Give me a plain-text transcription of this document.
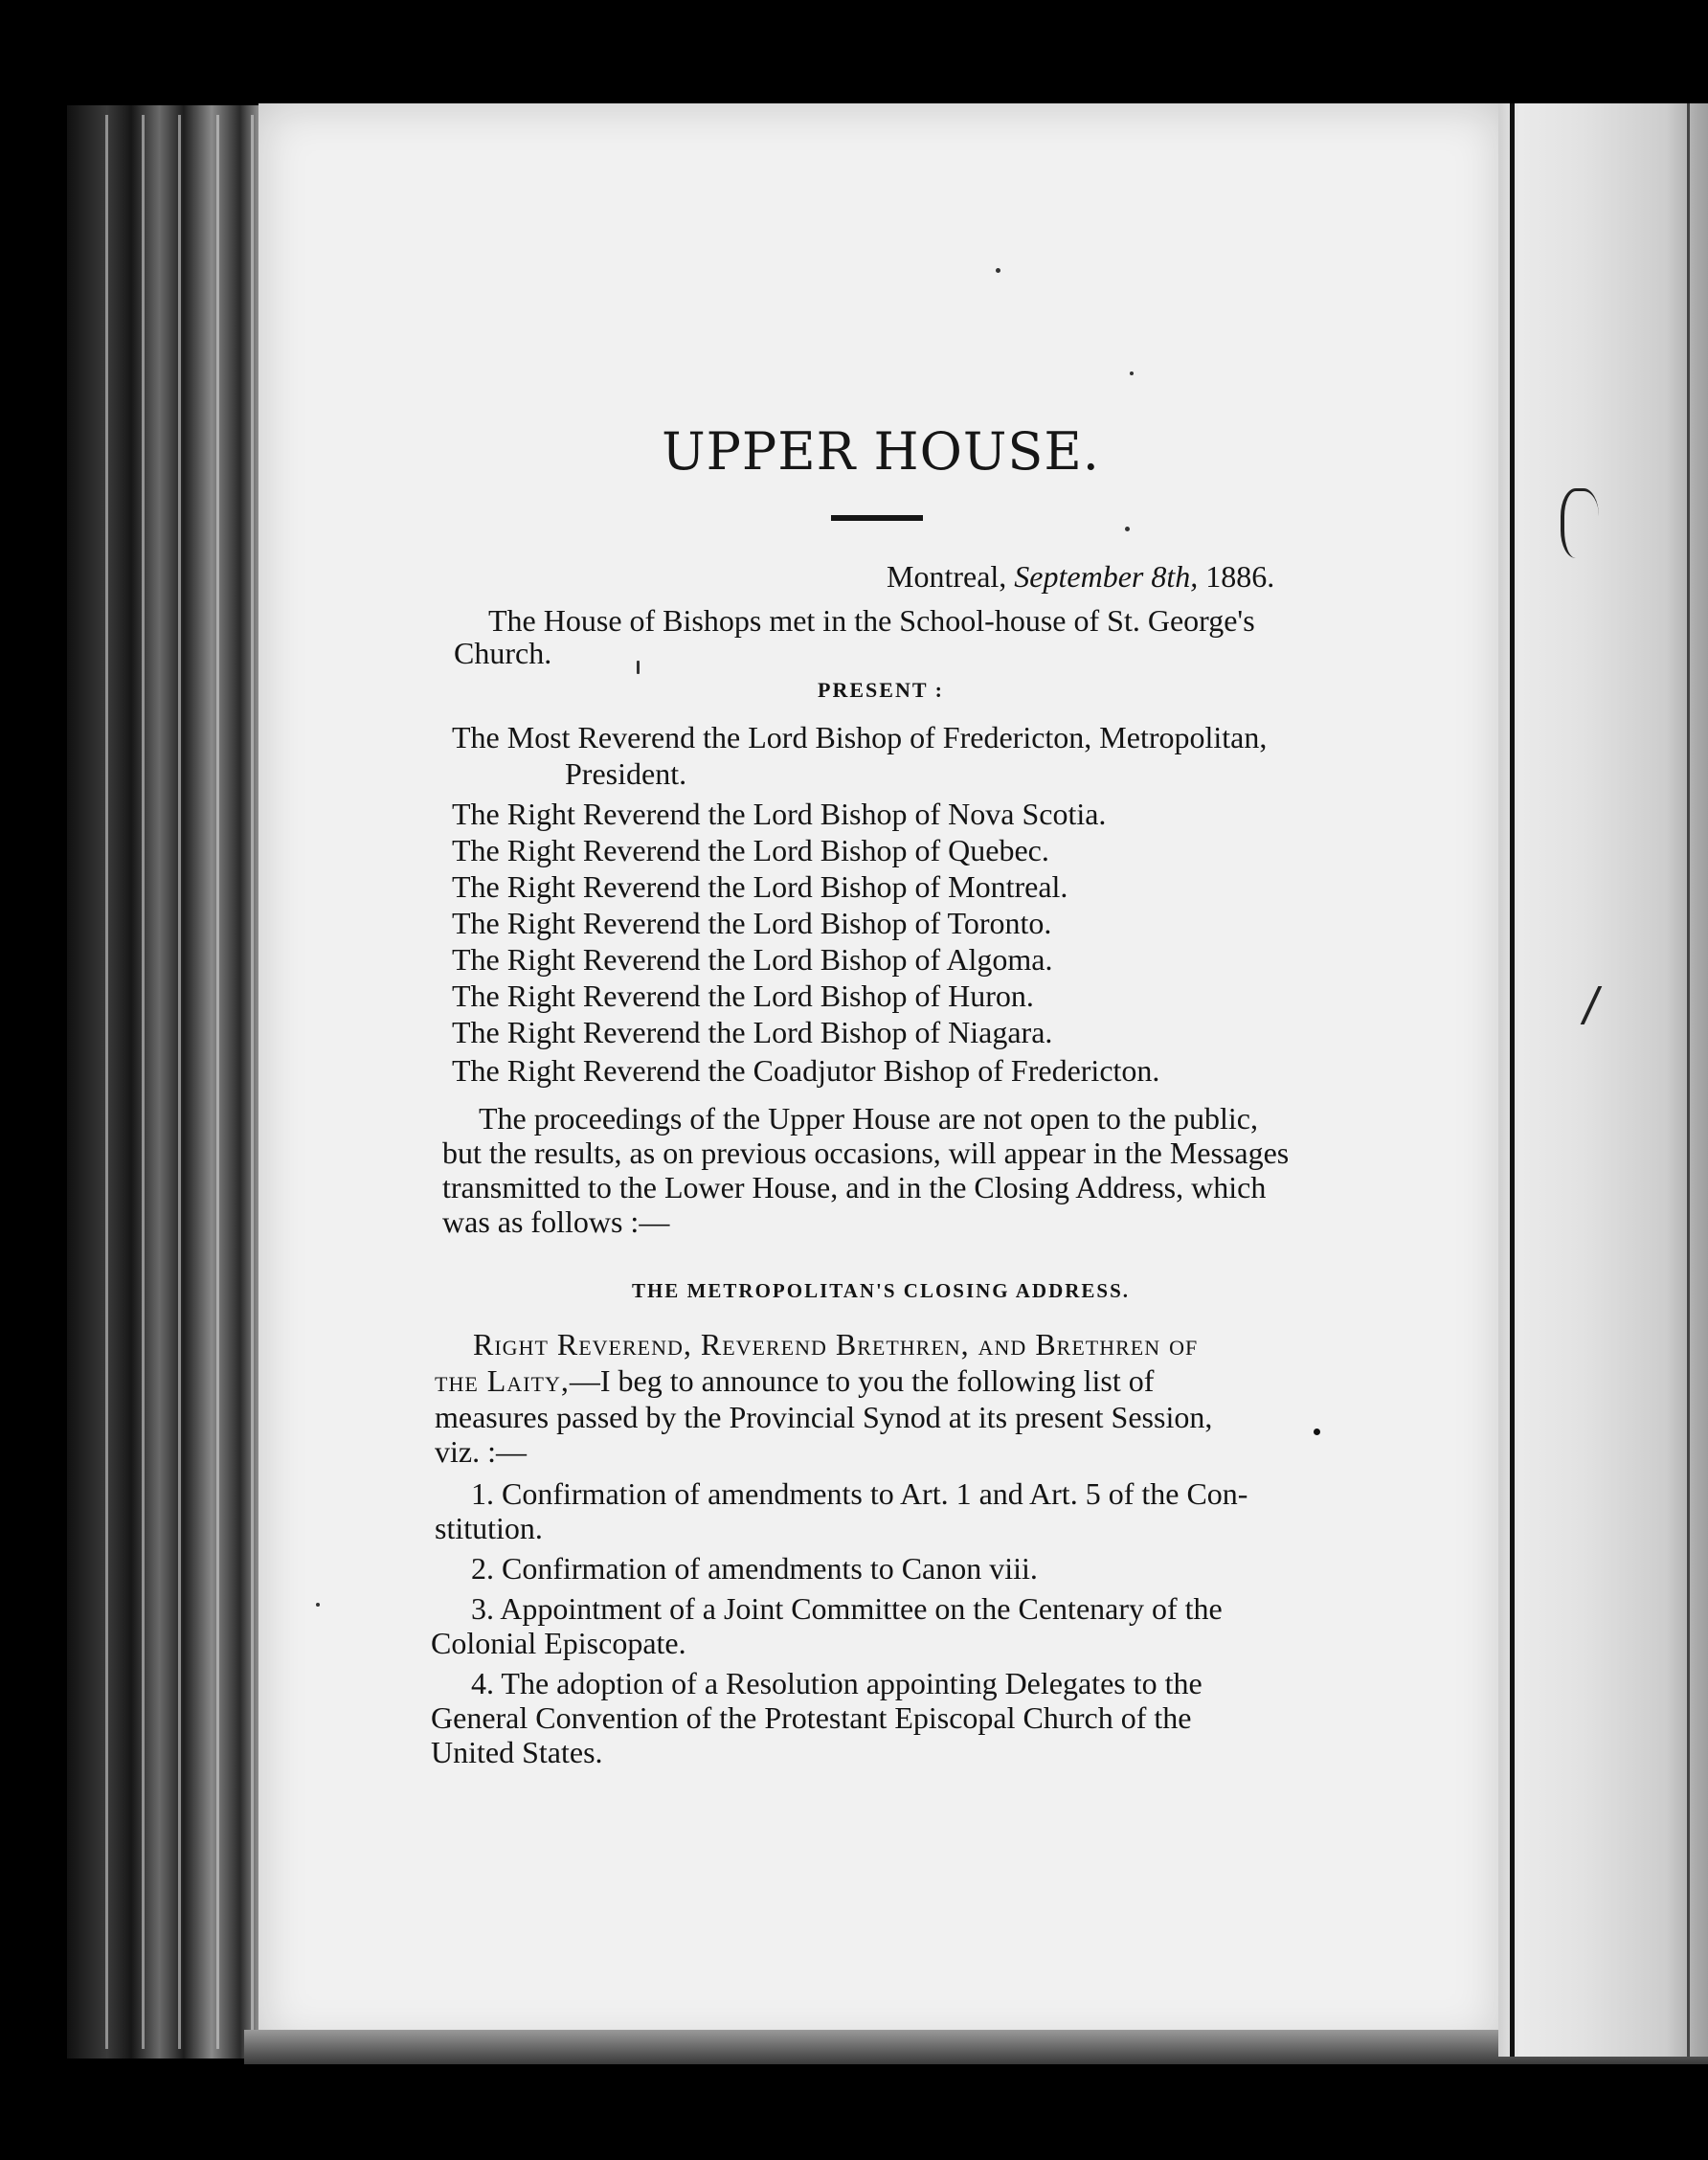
UPPER HOUSE.
Montreal, September 8th, 1886.
The House of Bishops met in the School-house of St. George's
Church.
PRESENT :
The Most Reverend the Lord Bishop of Fredericton, Metropolitan,
President.
The Right Reverend the Lord Bishop of Nova Scotia.
The Right Reverend the Lord Bishop of Quebec.
The Right Reverend the Lord Bishop of Montreal.
The Right Reverend the Lord Bishop of Toronto.
The Right Reverend the Lord Bishop of Algoma.
The Right Reverend the Lord Bishop of Huron.
The Right Reverend the Lord Bishop of Niagara.
The Right Reverend the Coadjutor Bishop of Fredericton.
The proceedings of the Upper House are not open to the public,
but the results, as on previous occasions, will appear in the Messages
transmitted to the Lower House, and in the Closing Address, which
was as follows :—
THE METROPOLITAN'S CLOSING ADDRESS.
Right Reverend, Reverend Brethren, and Brethren of
the Laity,—I beg to announce to you the following list of
measures passed by the Provincial Synod at its present Session,
viz. :—
1. Confirmation of amendments to Art. 1 and Art. 5 of the Con-
stitution.
2. Confirmation of amendments to Canon viii.
3. Appointment of a Joint Committee on the Centenary of the
Colonial Episcopate.
4. The adoption of a Resolution appointing Delegates to the
General Convention of the Protestant Episcopal Church of the
United States.
